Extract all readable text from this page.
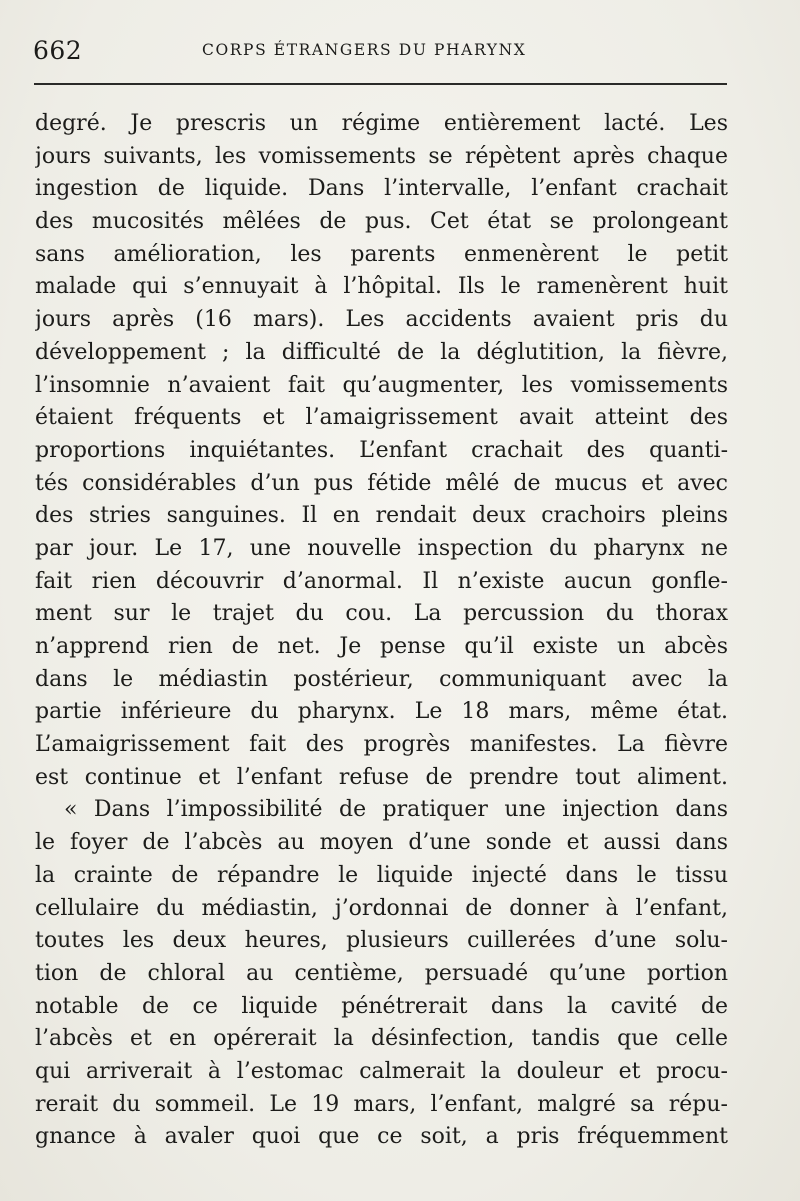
662	CORPS ÉTRANGERS DU PHARYNX
degré. Je prescris un régime entièrement lacté. Les
jours suivants, les vomissements se répètent après chaque
ingestion de liquide. Dans l’intervalle, l’enfant crachait
des mucosités mêlées de pus. Cet état se prolongeant
sans amélioration, les parents enmenèrent le petit
malade qui s’ennuyait à l’hôpital. Ils le ramenèrent huit
jours après (16 mars). Les accidents avaient pris du
développement ; la difficulté de la déglutition, la fièvre,
l’insomnie n’avaient fait qu’augmenter, les vomissements
étaient fréquents et l’amaigrissement avait atteint des
proportions inquiétantes. L’enfant crachait des quanti-
tés considérables d’un pus fétide mêlé de mucus et avec
des stries sanguines. Il en rendait deux crachoirs pleins
par jour. Le 17, une nouvelle inspection du pharynx ne
fait rien découvrir d’anormal. Il n’existe aucun gonfle-
ment sur le trajet du cou. La percussion du thorax
n’apprend rien de net. Je pense qu’il existe un abcès
dans le médiastin postérieur, communiquant avec la
partie inférieure du pharynx. Le 18 mars, même état.
L’amaigrissement fait des progrès manifestes. La fièvre
est continue et l’enfant refuse de prendre tout aliment.
« Dans l’impossibilité de pratiquer une injection dans
le foyer de l’abcès au moyen d’une sonde et aussi dans
la crainte de répandre le liquide injecté dans le tissu
cellulaire du médiastin, j’ordonnai de donner à l’enfant,
toutes les deux heures, plusieurs cuillerées d’une solu-
tion de chloral au centième, persuadé qu’une portion
notable de ce liquide pénétrerait dans la cavité de
l’abcès et en opérerait la désinfection, tandis que celle
qui arriverait à l’estomac calmerait la douleur et procu-
rerait du sommeil. Le 19 mars, l’enfant, malgré sa répu-
gnance à avaler quoi que ce soit, a pris fréquemment
